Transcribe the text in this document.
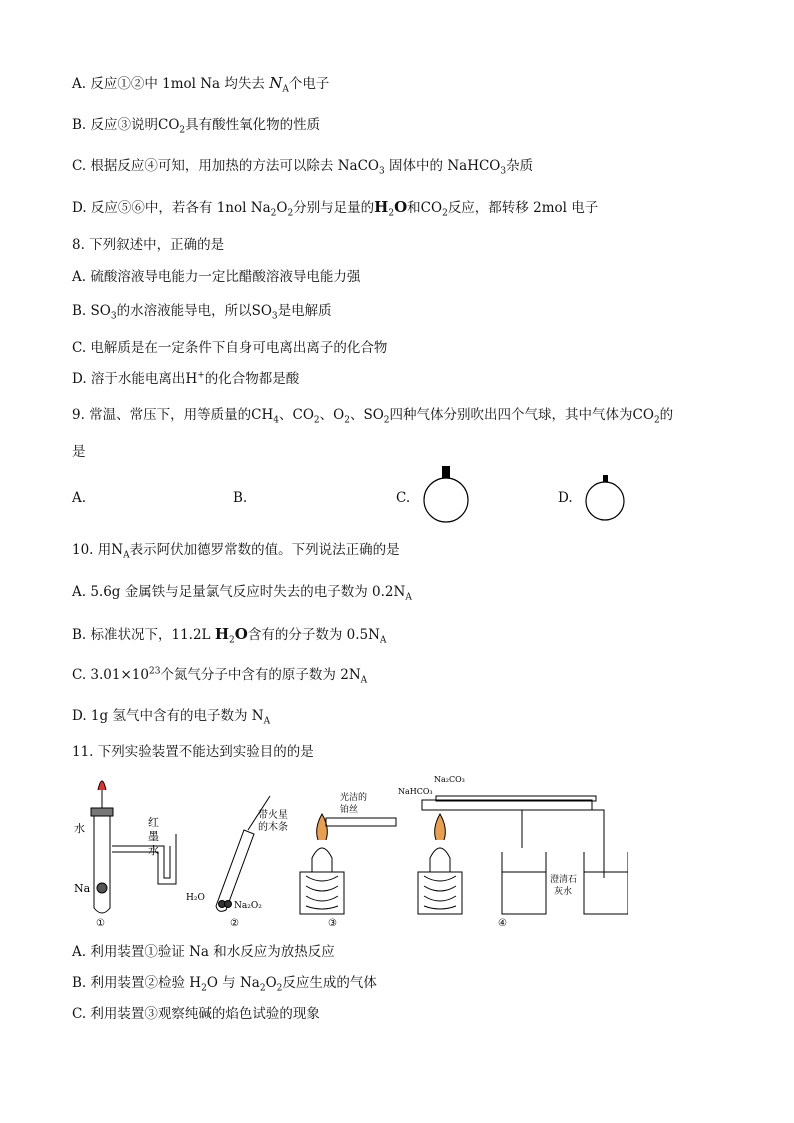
A. 反应①②中 1mol Na 均失去 $N_A$个电子
B. 反应③说明$CO_2$具有酸性氧化物的性质
C. 根据反应④可知，用加热的方法可以除去 NaCO$_3$ 固体中的 NaHCO$_3$杂质
D. 反应⑤⑥中，若各有 1nol $Na_2O_2$分别与足量的$H_2O$和$CO_2$反应，都转移 2mol 电子
8. 下列叙述中，正确的是
A. 硫酸溶液导电能力一定比醋酸溶液导电能力强
B. $SO_3$的水溶液能导电，所以$SO_3$是电解质
C. 电解质是在一定条件下自身可电离出离子的化合物
D. 溶于水能电离出H+的化合物都是酸
9. 常温、常压下，用等质量的$CH_4$、$CO_2$、$O_2$、$SO_2$四种气体分别吹出四个气球，其中气体为$CO_2$的
是
A.	B.	C.	D.
10. 用$N_A$表示阿伏加德罗常数的值。下列说法正确的是
A. 5.6g 金属铁与足量氯气反应时失去的电子数为 $0.2N_A$
B. 标准状况下，11.2L $H_2O$含有的分子数为 $0.5N_A$
C. $3.01\times 10^{23}$个氮气分子中含有的原子数为 $2N_A$
D. 1g 氢气中含有的电子数为 $N_A$
11. 下列实验装置不能达到实验目的的是
水	红
墨
水
Na
①
带火星
的木条
H₂O
Na₂O₂
②
光洁的
铂丝
③
Na₂CO₃
NaHCO₃
澄清石
灰水
④
A. 利用装置①验证 Na 和水反应为放热反应
B. 利用装置②检验 $H_2O$ 与 $Na_2O_2$反应生成的气体
C. 利用装置③观察纯碱的焰色试验的现象
